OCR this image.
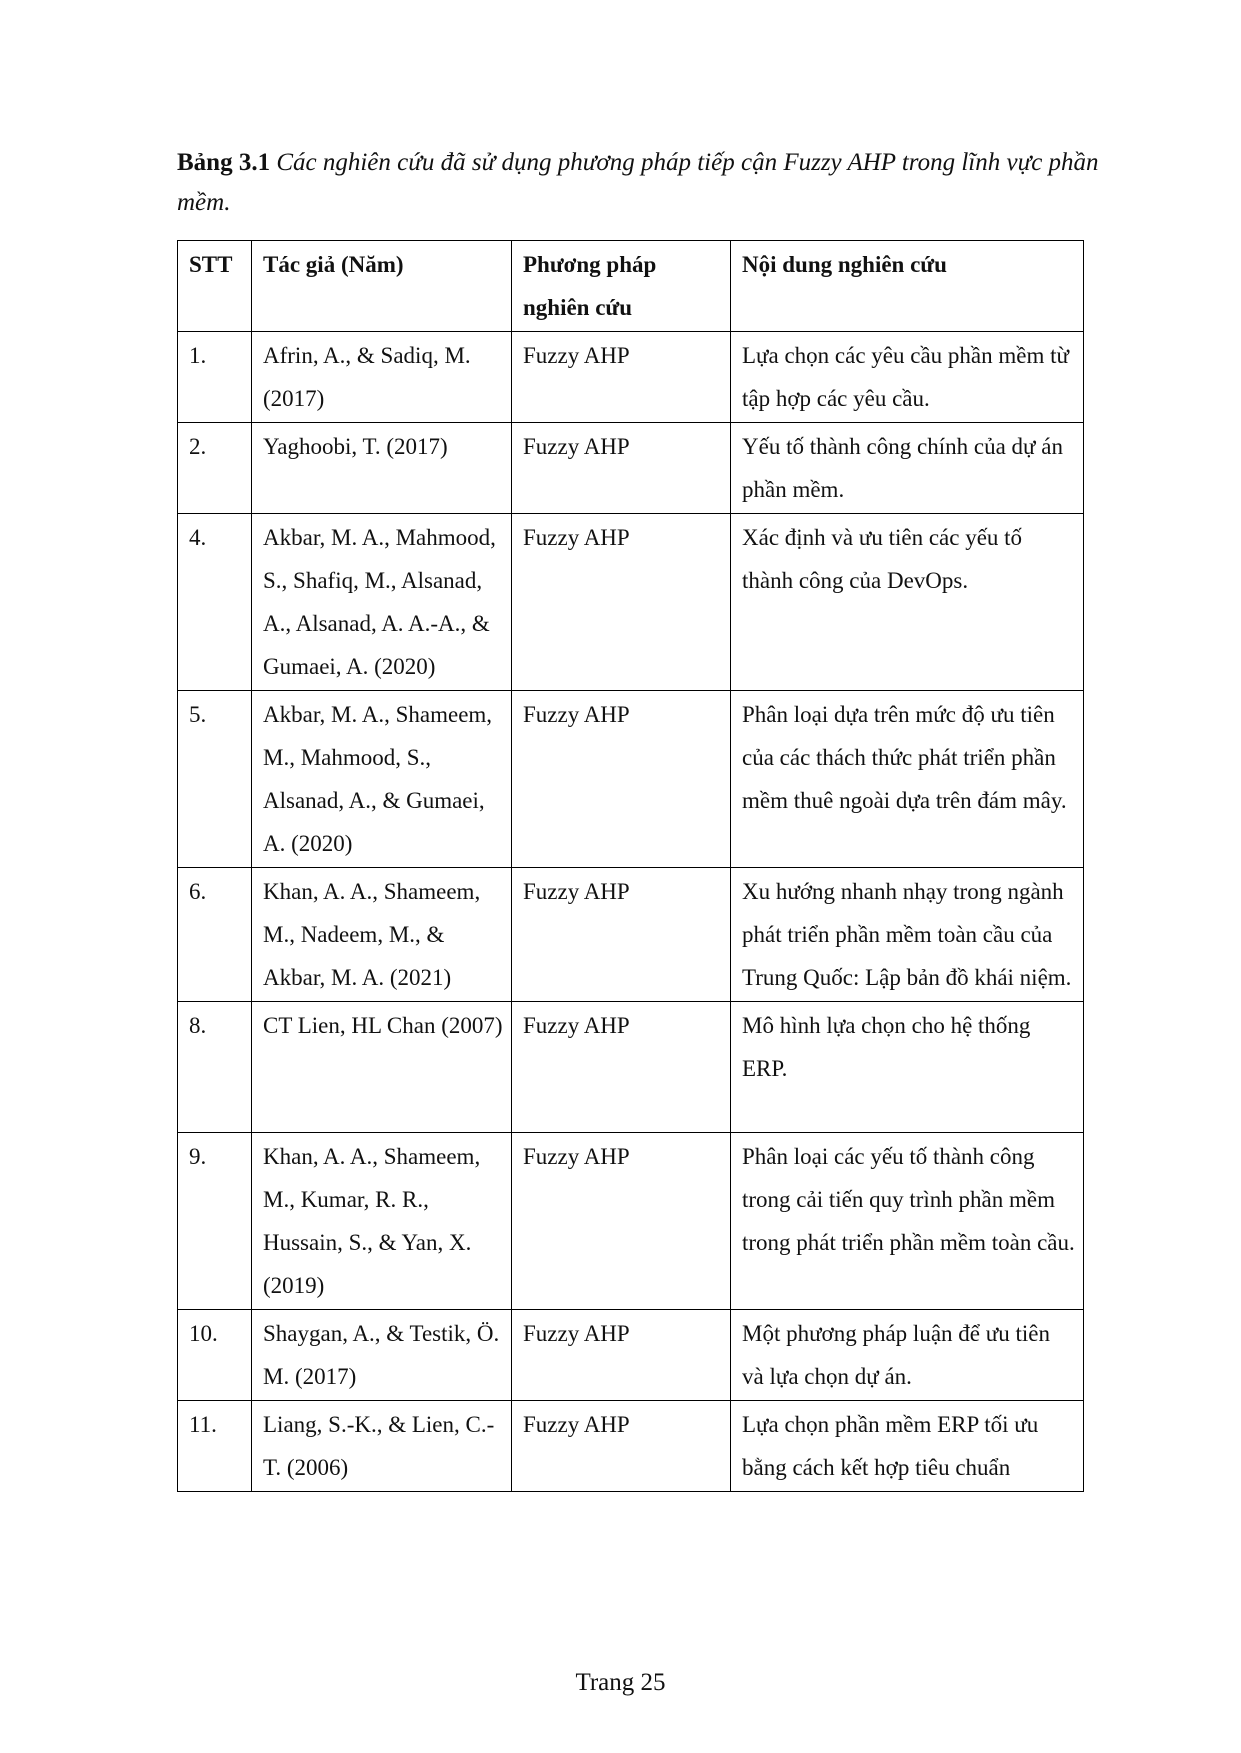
Bảng 3.1 Các nghiên cứu đã sử dụng phương pháp tiếp cận Fuzzy AHP trong lĩnh vực phần mềm.
STT	Tác giả (Năm)	Phương pháp nghiên cứu	Nội dung nghiên cứu
1.	Afrin, A., & Sadiq, M. (2017)	Fuzzy AHP	Lựa chọn các yêu cầu phần mềm từ tập hợp các yêu cầu.
2.	Yaghoobi, T. (2017)	Fuzzy AHP	Yếu tố thành công chính của dự án phần mềm.
4.	Akbar, M. A., Mahmood, S., Shafiq, M., Alsanad, A., Alsanad, A. A.-A., & Gumaei, A. (2020)	Fuzzy AHP	Xác định và ưu tiên các yếu tố thành công của DevOps.
5.	Akbar, M. A., Shameem, M., Mahmood, S., Alsanad, A., & Gumaei, A. (2020)	Fuzzy AHP	Phân loại dựa trên mức độ ưu tiên của các thách thức phát triển phần mềm thuê ngoài dựa trên đám mây.
6.	Khan, A. A., Shameem, M., Nadeem, M., & Akbar, M. A. (2021)	Fuzzy AHP	Xu hướng nhanh nhạy trong ngành phát triển phần mềm toàn cầu của Trung Quốc: Lập bản đồ khái niệm.
8.	CT Lien, HL Chan (2007)	Fuzzy AHP	Mô hình lựa chọn cho hệ thống ERP.
9.	Khan, A. A., Shameem, M., Kumar, R. R., Hussain, S., & Yan, X. (2019)	Fuzzy AHP	Phân loại các yếu tố thành công trong cải tiến quy trình phần mềm trong phát triển phần mềm toàn cầu.
10.	Shaygan, A., & Testik, Ö. M. (2017)	Fuzzy AHP	Một phương pháp luận để ưu tiên và lựa chọn dự án.
11.	Liang, S.-K., & Lien, C.-T. (2006)	Fuzzy AHP	Lựa chọn phần mềm ERP tối ưu bằng cách kết hợp tiêu chuẩn
Trang 25
